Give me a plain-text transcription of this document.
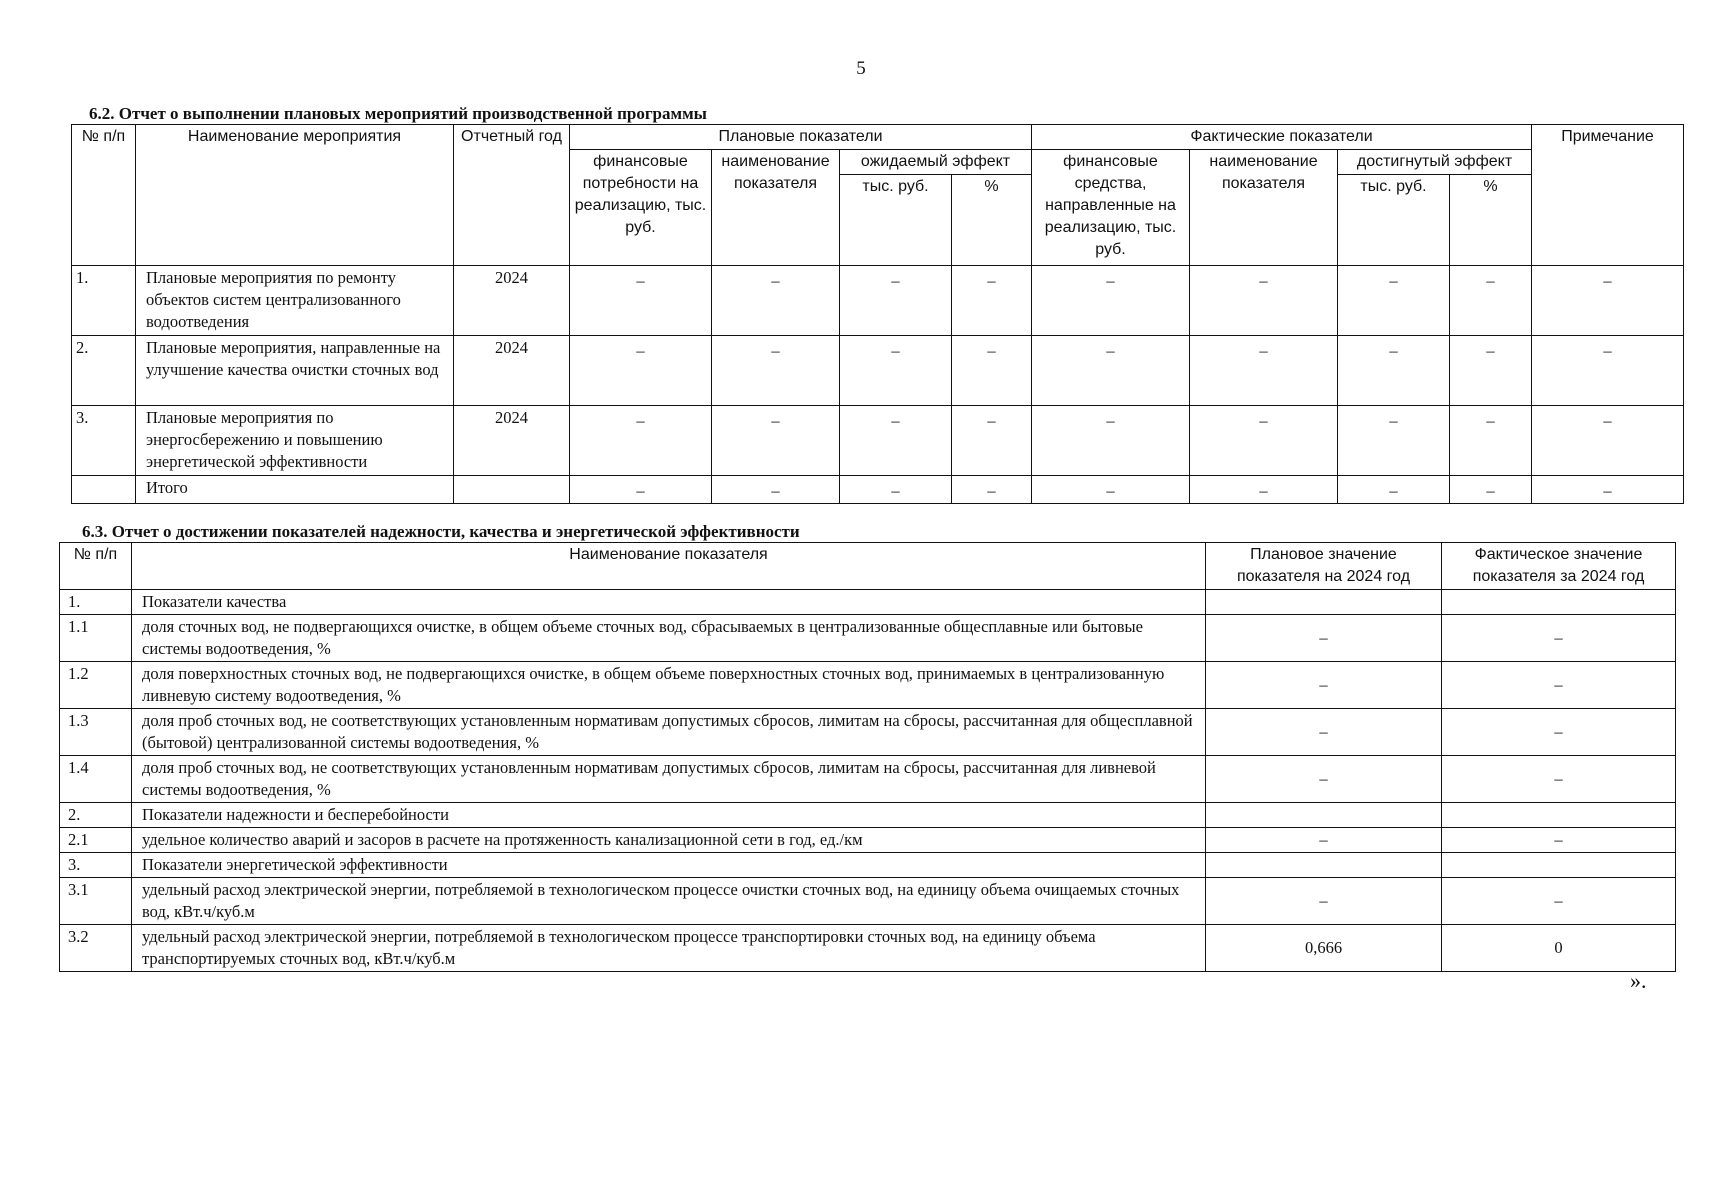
5
6.2. Отчет о выполнении плановых мероприятий производственной программы
№ п/п	Наименование мероприятия	Отчетный год	Плановые показатели				Фактические показатели				Примечание
			финансовые потребности на реализацию, тыс. руб.	наименование показателя	ожидаемый эффект		финансовые средства, направленные на реализацию, тыс. руб.	наименование показателя	достигнутый эффект		
					тыс. руб.	%			тыс. руб.	%	
1.	Плановые мероприятия по ремонту объектов систем централизованного водоотведения	2024	–	–	–	–	–	–	–	–	–
2.	Плановые мероприятия, направленные на улучшение качества очистки сточных вод	2024	–	–	–	–	–	–	–	–	–
3.	Плановые мероприятия по энергосбережению и повышению энергетической эффективности	2024	–	–	–	–	–	–	–	–	–
	Итого		–	–	–	–	–	–	–	–	–
6.3. Отчет о достижении показателей надежности, качества и энергетической эффективности
№ п/п	Наименование показателя	Плановое значение показателя на 2024 год	Фактическое значение показателя за 2024 год
1.	Показатели качества		
1.1	доля сточных вод, не подвергающихся очистке, в общем объеме сточных вод, сбрасываемых в централизованные общесплавные или бытовые системы водоотведения, %	–	–
1.2	доля поверхностных сточных вод, не подвергающихся очистке, в общем объеме поверхностных сточных вод, принимаемых в централизованную ливневую систему водоотведения, %	–	–
1.3	доля проб сточных вод, не соответствующих установленным нормативам допустимых сбросов, лимитам на сбросы, рассчитанная для общесплавной (бытовой) централизованной системы водоотведения, %	–	–
1.4	доля проб сточных вод, не соответствующих установленным нормативам допустимых сбросов, лимитам на сбросы, рассчитанная для ливневой системы водоотведения, %	–	–
2.	Показатели надежности и бесперебойности		
2.1	удельное количество аварий и засоров в расчете на протяженность канализационной сети в год, ед./км	–	–
3.	Показатели энергетической эффективности		
3.1	удельный расход электрической энергии, потребляемой в технологическом процессе очистки сточных вод, на единицу объема очищаемых сточных вод, кВт.ч/куб.м	–	–
3.2	удельный расход электрической энергии, потребляемой в технологическом процессе транспортировки сточных вод, на единицу объема транспортируемых сточных вод, кВт.ч/куб.м	0,666	0
».
